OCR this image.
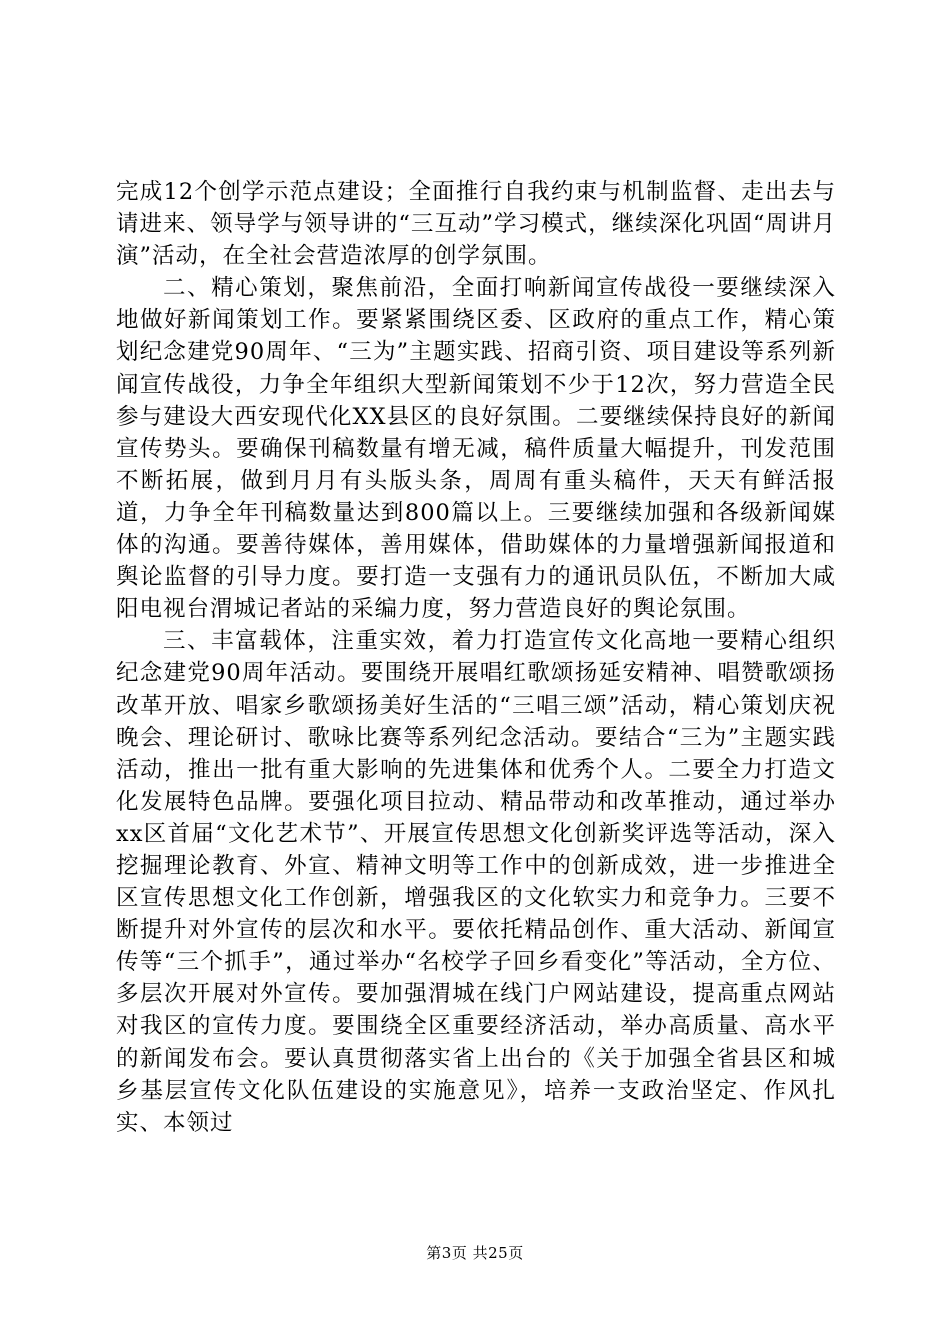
完成12个创学示范点建设；全面推行自我约束与机制监督、走出去与请进来、领导学与领导讲的“三互动”学习模式，继续深化巩固“周讲月演”活动，在全社会营造浓厚的创学氛围。

二、精心策划，聚焦前沿，全面打响新闻宣传战役一要继续深入地做好新闻策划工作。要紧紧围绕区委、区政府的重点工作，精心策划纪念建党90周年、“三为”主题实践、招商引资、项目建设等系列新闻宣传战役，力争全年组织大型新闻策划不少于12次，努力营造全民参与建设大西安现代化XX县区的良好氛围。二要继续保持良好的新闻宣传势头。要确保刊稿数量有增无减，稿件质量大幅提升，刊发范围不断拓展，做到月月有头版头条，周周有重头稿件，天天有鲜活报道，力争全年刊稿数量达到800篇以上。三要继续加强和各级新闻媒体的沟通。要善待媒体，善用媒体，借助媒体的力量增强新闻报道和舆论监督的引导力度。要打造一支强有力的通讯员队伍，不断加大咸阳电视台渭城记者站的采编力度，努力营造良好的舆论氛围。

三、丰富载体，注重实效，着力打造宣传文化高地一要精心组织纪念建党90周年活动。要围绕开展唱红歌颂扬延安精神、唱赞歌颂扬改革开放、唱家乡歌颂扬美好生活的“三唱三颂”活动，精心策划庆祝晚会、理论研讨、歌咏比赛等系列纪念活动。要结合“三为”主题实践活动，推出一批有重大影响的先进集体和优秀个人。二要全力打造文化发展特色品牌。要强化项目拉动、精品带动和改革推动，通过举办xx区首届“文化艺术节”、开展宣传思想文化创新奖评选等活动，深入挖掘理论教育、外宣、精神文明等工作中的创新成效，进一步推进全区宣传思想文化工作创新，增强我区的文化软实力和竞争力。三要不断提升对外宣传的层次和水平。要依托精品创作、重大活动、新闻宣传等“三个抓手”，通过举办“名校学子回乡看变化”等活动，全方位、多层次开展对外宣传。要加强渭城在线门户网站建设，提高重点网站对我区的宣传力度。要围绕全区重要经济活动，举办高质量、高水平的新闻发布会。要认真贯彻落实省上出台的《关于加强全省县区和城乡基层宣传文化队伍建设的实施意见》，培养一支政治坚定、作风扎实、本领过

第3页 共25页
